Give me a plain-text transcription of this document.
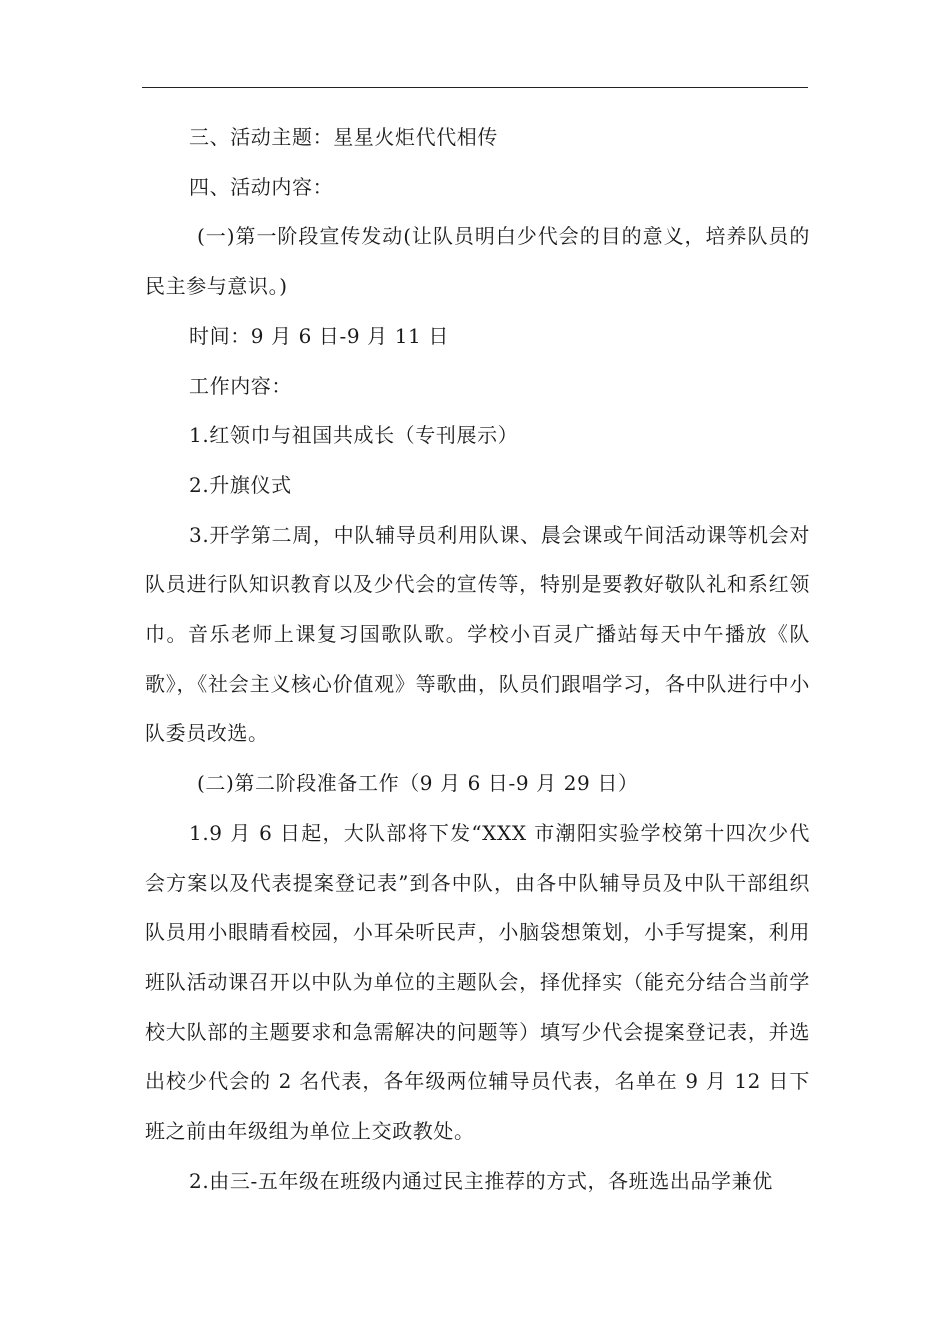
三、活动主题：星星火炬代代相传

四、活动内容：

(一)第一阶段宣传发动(让队员明白少代会的目的意义，培养队员的民主参与意识。)

时间：9 月 6 日-9 月 11 日

工作内容：

1.红领巾与祖国共成长（专刊展示）

2.升旗仪式

3.开学第二周，中队辅导员利用队课、晨会课或午间活动课等机会对队员进行队知识教育以及少代会的宣传等，特别是要教好敬队礼和系红领巾。音乐老师上课复习国歌队歌。学校小百灵广播站每天中午播放《队歌》，《社会主义核心价值观》等歌曲，队员们跟唱学习，各中队进行中小队委员改选。

(二)第二阶段准备工作（9 月 6 日-9 月 29 日）

1.9 月 6 日起，大队部将下发“XXX 市潮阳实验学校第十四次少代会方案以及代表提案登记表”到各中队，由各中队辅导员及中队干部组织队员用小眼睛看校园，小耳朵听民声，小脑袋想策划，小手写提案，利用班队活动课召开以中队为单位的主题队会，择优择实（能充分结合当前学校大队部的主题要求和急需解决的问题等）填写少代会提案登记表，并选出校少代会的 2 名代表，各年级两位辅导员代表，名单在 9 月 12 日下班之前由年级组为单位上交政教处。

2.由三-五年级在班级内通过民主推荐的方式，各班选出品学兼优
